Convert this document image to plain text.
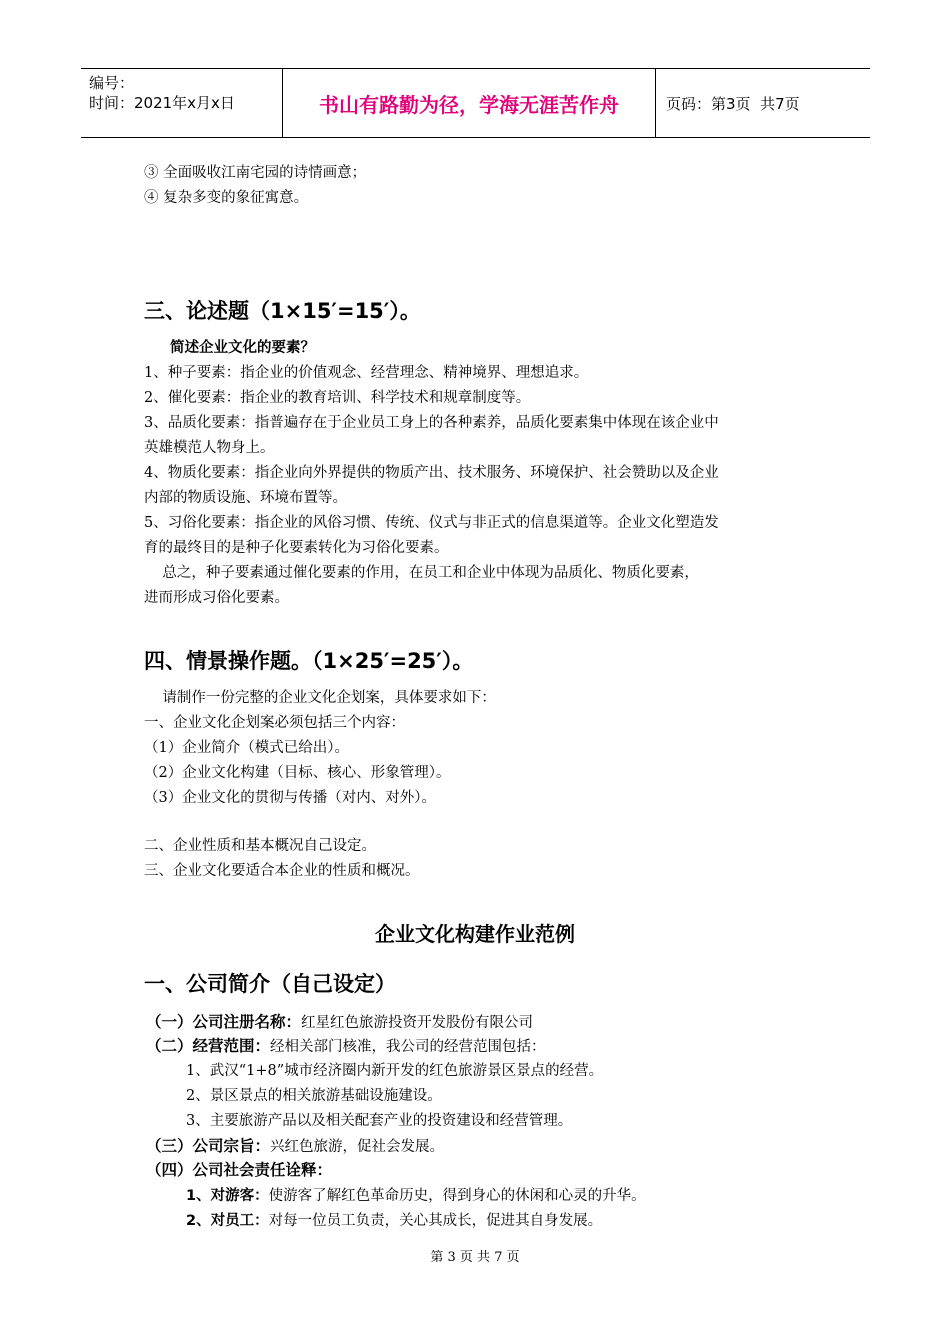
编号：
时间：2021年x月x日	书山有路勤为径，学海无涯苦作舟	页码：第3页  共7页
③ 全面吸收江南宅园的诗情画意；
④ 复杂多变的象征寓意。
三、论述题（1×15′=15′）。
简述企业文化的要素？
1、种子要素：指企业的价值观念、经营理念、精神境界、理想追求。
2、催化要素：指企业的教育培训、科学技术和规章制度等。
3、品质化要素：指普遍存在于企业员工身上的各种素养，品质化要素集中体现在该企业中
英雄模范人物身上。
4、物质化要素：指企业向外界提供的物质产出、技术服务、环境保护、社会赞助以及企业
内部的物质设施、环境布置等。
5、习俗化要素：指企业的风俗习惯、传统、仪式与非正式的信息渠道等。企业文化塑造发
育的最终目的是种子化要素转化为习俗化要素。
总之，种子要素通过催化要素的作用，在员工和企业中体现为品质化、物质化要素，
进而形成习俗化要素。
四、情景操作题。（1×25′=25′）。
请制作一份完整的企业文化企划案，具体要求如下：
一、企业文化企划案必须包括三个内容：
（1）企业简介（模式已给出）。
（2）企业文化构建（目标、核心、形象管理）。
（3）企业文化的贯彻与传播（对内、对外）。
二、企业性质和基本概况自己设定。
三、企业文化要适合本企业的性质和概况。
企业文化构建作业范例
一、公司简介（自己设定）
（一）公司注册名称：红星红色旅游投资开发股份有限公司
（二）经营范围：经相关部门核准，我公司的经营范围包括：
1、武汉“1+8”城市经济圈内新开发的红色旅游景区景点的经营。
2、景区景点的相关旅游基础设施建设。
3、主要旅游产品以及相关配套产业的投资建设和经营管理。
（三）公司宗旨：兴红色旅游，促社会发展。
（四）公司社会责任诠释：
1、对游客：使游客了解红色革命历史，得到身心的休闲和心灵的升华。
2、对员工：对每一位员工负责，关心其成长，促进其自身发展。
第 3 页 共 7 页
